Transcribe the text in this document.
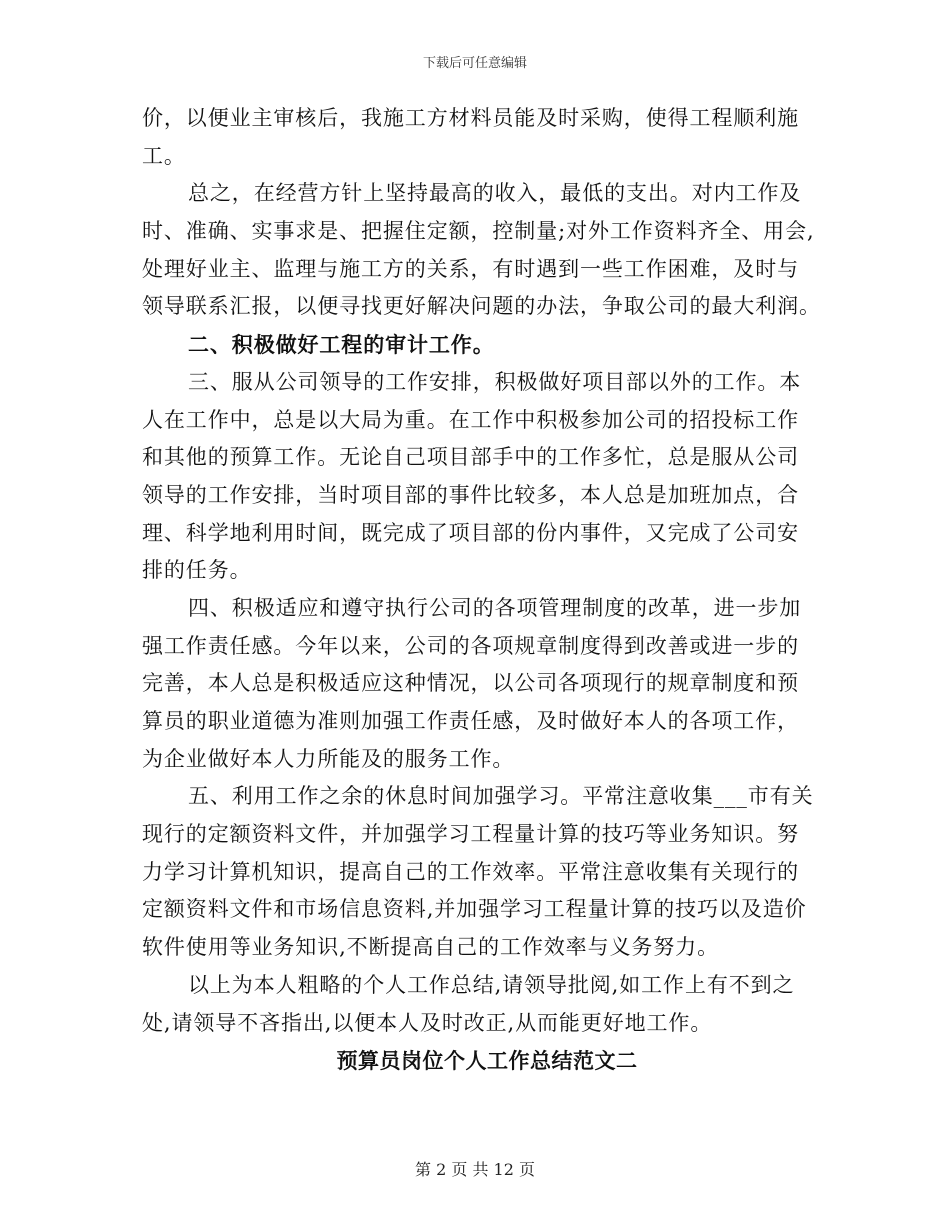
下载后可任意编辑
价，以便业主审核后，我施工方材料员能及时采购，使得工程顺利施
工。
总之，在经营方针上坚持最高的收入，最低的支出。对内工作及
时、准确、实事求是、把握住定额，控制量;对外工作资料齐全、用会,
处理好业主、监理与施工方的关系，有时遇到一些工作困难，及时与
领导联系汇报，以便寻找更好解决问题的办法，争取公司的最大利润。
二、积极做好工程的审计工作。
三、服从公司领导的工作安排，积极做好项目部以外的工作。本
人在工作中，总是以大局为重。在工作中积极参加公司的招投标工作
和其他的预算工作。无论自己项目部手中的工作多忙，总是服从公司
领导的工作安排，当时项目部的事件比较多，本人总是加班加点，合
理、科学地利用时间，既完成了项目部的份内事件，又完成了公司安
排的任务。
四、积极适应和遵守执行公司的各项管理制度的改革，进一步加
强工作责任感。今年以来，公司的各项规章制度得到改善或进一步的
完善，本人总是积极适应这种情况，以公司各项现行的规章制度和预
算员的职业道德为准则加强工作责任感，及时做好本人的各项工作，
为企业做好本人力所能及的服务工作。
五、利用工作之余的休息时间加强学习。平常注意收集___市有关
现行的定额资料文件，并加强学习工程量计算的技巧等业务知识。努
力学习计算机知识，提高自己的工作效率。平常注意收集有关现行的
定额资料文件和市场信息资料,并加强学习工程量计算的技巧以及造价
软件使用等业务知识,不断提高自己的工作效率与义务努力。
以上为本人粗略的个人工作总结,请领导批阅,如工作上有不到之
处,请领导不吝指出,以便本人及时改正,从而能更好地工作。
预算员岗位个人工作总结范文二
第 2 页 共 12 页
